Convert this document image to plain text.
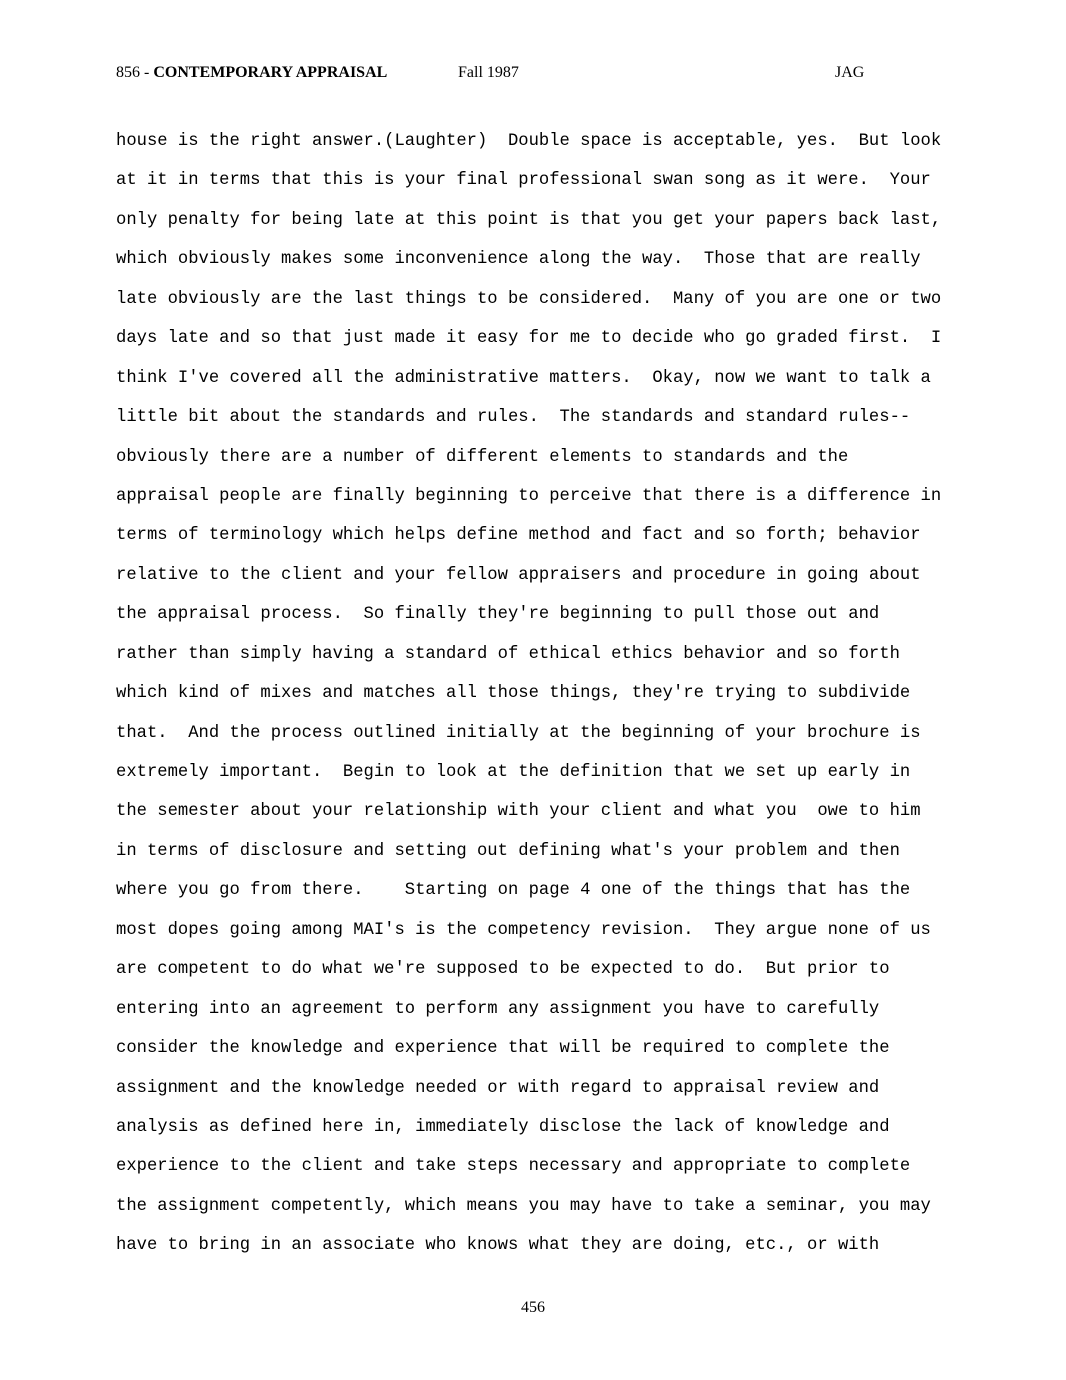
856 - CONTEMPORARY APPRAISAL	Fall 1987	JAG
house is the right answer.(Laughter)  Double space is acceptable, yes.  But look
at it in terms that this is your final professional swan song as it were.  Your
only penalty for being late at this point is that you get your papers back last,
which obviously makes some inconvenience along the way.  Those that are really
late obviously are the last things to be considered.  Many of you are one or two
days late and so that just made it easy for me to decide who go graded first.  I
think I've covered all the administrative matters.  Okay, now we want to talk a
little bit about the standards and rules.  The standards and standard rules--
obviously there are a number of different elements to standards and the
appraisal people are finally beginning to perceive that there is a difference in
terms of terminology which helps define method and fact and so forth; behavior
relative to the client and your fellow appraisers and procedure in going about
the appraisal process.  So finally they're beginning to pull those out and
rather than simply having a standard of ethical ethics behavior and so forth
which kind of mixes and matches all those things, they're trying to subdivide
that.  And the process outlined initially at the beginning of your brochure is
extremely important.  Begin to look at the definition that we set up early in
the semester about your relationship with your client and what you  owe to him
in terms of disclosure and setting out defining what's your problem and then
where you go from there.    Starting on page 4 one of the things that has the
most dopes going among MAI's is the competency revision.  They argue none of us
are competent to do what we're supposed to be expected to do.  But prior to
entering into an agreement to perform any assignment you have to carefully
consider the knowledge and experience that will be required to complete the
assignment and the knowledge needed or with regard to appraisal review and
analysis as defined here in, immediately disclose the lack of knowledge and
experience to the client and take steps necessary and appropriate to complete
the assignment competently, which means you may have to take a seminar, you may
have to bring in an associate who knows what they are doing, etc., or with
456
